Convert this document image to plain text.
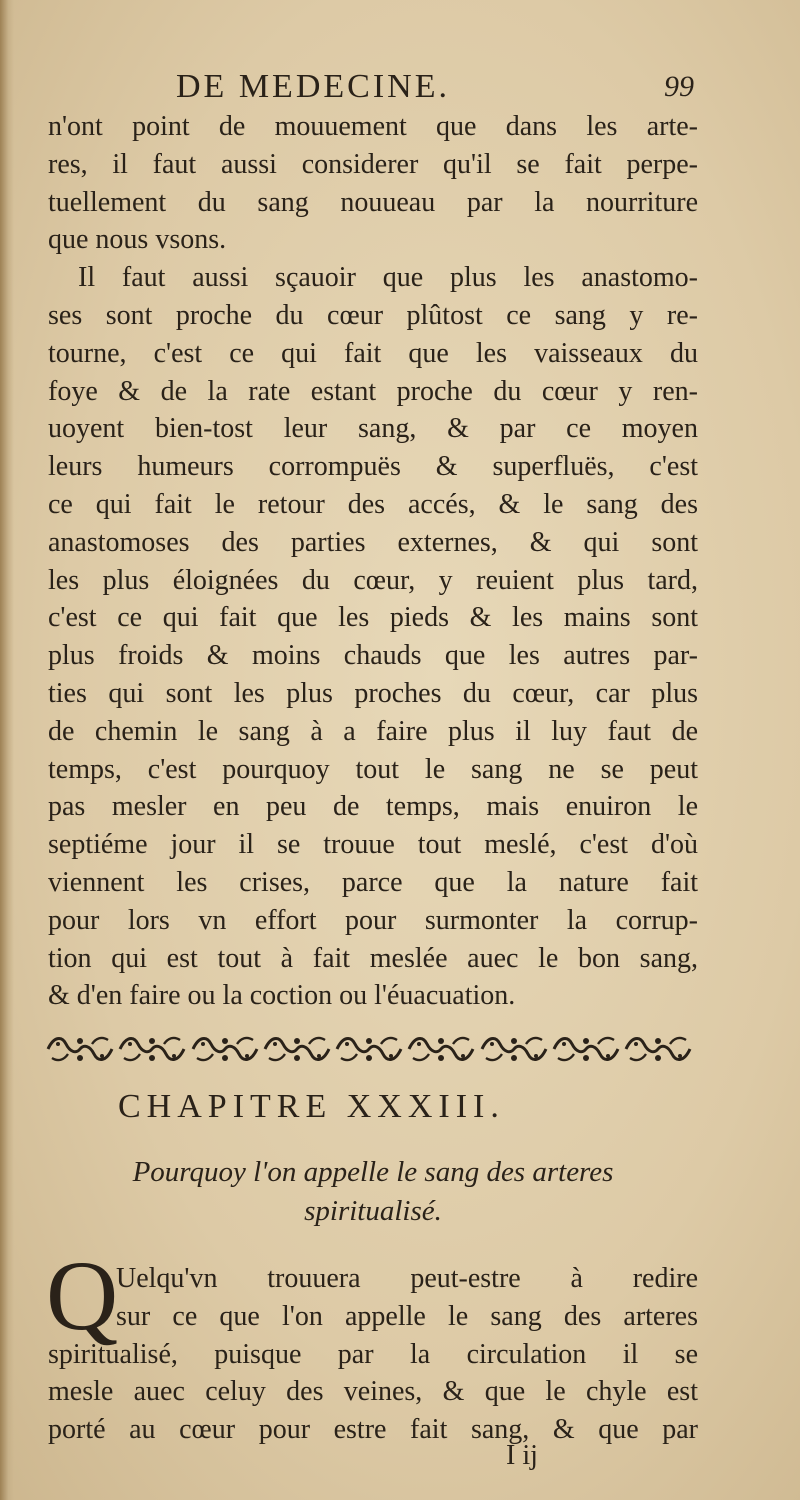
DE MEDECINE.	99
n'ont point de mouuement que dans les arte-
res, il faut aussi considerer qu'il se fait perpe-
tuellement du sang nouueau par la nourriture
que nous vsons.
Il faut aussi sçauoir que plus les anastomo-
ses sont proche du cœur plûtost ce sang y re-
tourne, c'est ce qui fait que les vaisseaux du
foye & de la rate estant proche du cœur y ren-
uoyent bien-tost leur sang, & par ce moyen
leurs humeurs corrompuës & superfluës, c'est
ce qui fait le retour des accés, & le sang des
anastomoses des parties externes, & qui sont
les plus éloignées du cœur, y reuient plus tard,
c'est ce qui fait que les pieds & les mains sont
plus froids & moins chauds que les autres par-
ties qui sont les plus proches du cœur, car plus
de chemin le sang à a faire plus il luy faut de
temps, c'est pourquoy tout le sang ne se peut
pas mesler en peu de temps, mais enuiron le
septiéme jour il se trouue tout meslé, c'est d'où
viennent les crises, parce que la nature fait
pour lors vn effort pour surmonter la corrup-
tion qui est tout à fait meslée auec le bon sang,
& d'en faire ou la coction ou l'éuacuation.
CHAPITRE XXXIII.
Pourquoy l'on appelle le sang des arteres
spiritualisé.
Q
Uelqu'vn trouuera peut-estre à redire
sur ce que l'on appelle le sang des arteres
spiritualisé, puisque par la circulation il se
mesle auec celuy des veines, & que le chyle est
porté au cœur pour estre fait sang, & que par
I ij
